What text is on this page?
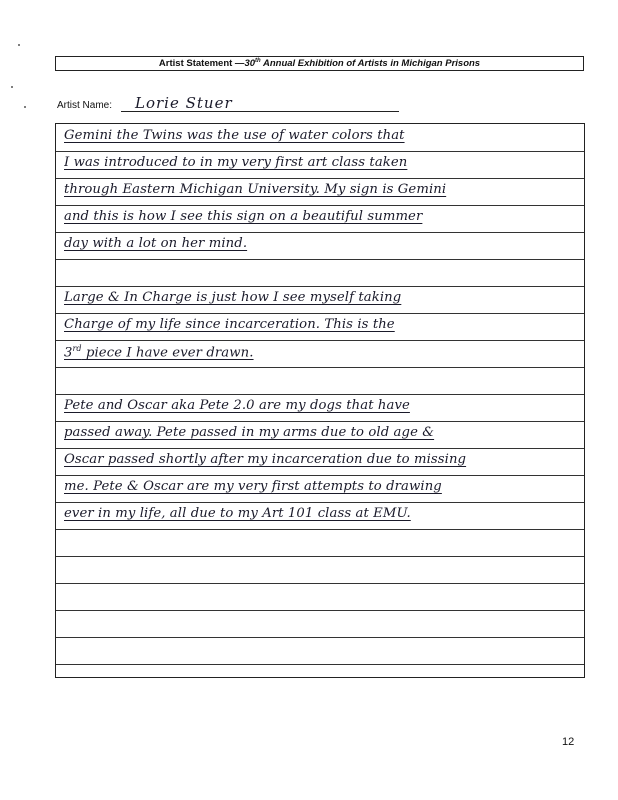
Artist Statement — 30th Annual Exhibition of Artists in Michigan Prisons
Artist Name: Lorie Stuer
Gemini the Twins was the use of water colors that
I was introduced to in my very first art class taken
through Eastern Michigan University. My sign is Gemini
and this is how I see this sign on a beautiful summer
day with a lot on her mind.
Large & In Charge is just how I see myself taking
Charge of my life since incarceration. This is the
3rd piece I have ever drawn.
Pete and Oscar aka Pete 2.0 are my dogs that have
passed away. Pete passed in my arms due to old age &
Oscar passed shortly after my incarceration due to missing
me. Pete & Oscar are my very first attempts to drawing
ever in my life, all due to my Art 101 class at EMU.
12
